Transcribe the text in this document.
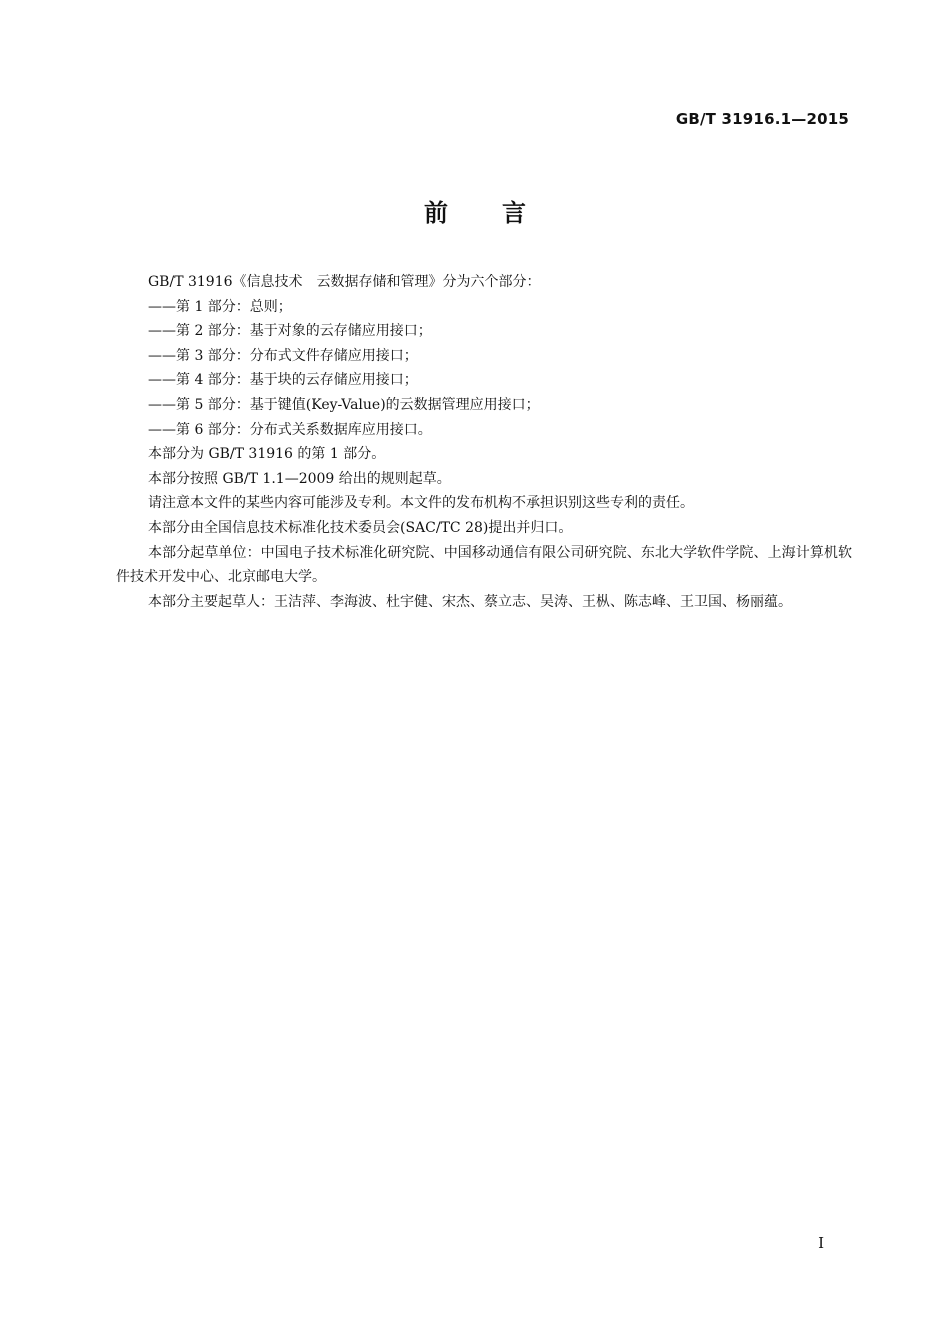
GB/T 31916.1—2015
前言

GB/T 31916《信息技术　云数据存储和管理》分为六个部分：

——第 1 部分：总则；

——第 2 部分：基于对象的云存储应用接口；

——第 3 部分：分布式文件存储应用接口；

——第 4 部分：基于块的云存储应用接口；

——第 5 部分：基于键值(Key-Value)的云数据管理应用接口；

——第 6 部分：分布式关系数据库应用接口。

本部分为 GB/T 31916 的第 1 部分。

本部分按照 GB/T 1.1—2009 给出的规则起草。

请注意本文件的某些内容可能涉及专利。本文件的发布机构不承担识别这些专利的责任。

本部分由全国信息技术标准化技术委员会(SAC/TC 28)提出并归口。

本部分起草单位：中国电子技术标准化研究院、中国移动通信有限公司研究院、东北大学软件学院、上海计算机软件技术开发中心、北京邮电大学。

本部分主要起草人：王洁萍、李海波、杜宇健、宋杰、蔡立志、吴涛、王枞、陈志峰、王卫国、杨丽蕴。

I
